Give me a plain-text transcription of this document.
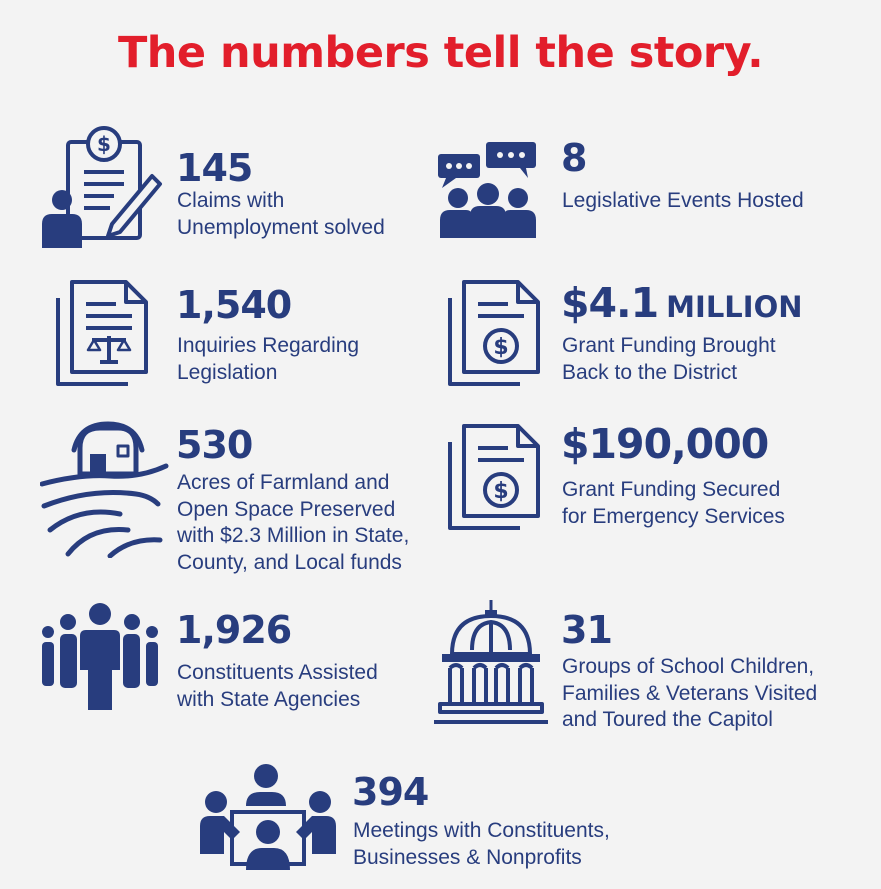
The numbers tell the story.
$
145
Claims with
Unemployment solved
8
Legislative Events Hosted
1,540
Inquiries Regarding
Legislation
$
$4.1 MILLION
Grant Funding Brought
Back to the District
530
Acres of Farmland and
Open Space Preserved
with $2.3 Million in State,
County, and Local funds
$
$190,000
Grant Funding Secured
for Emergency Services
1,926
Constituents Assisted
with State Agencies
31
Groups of School Children,
Families & Veterans Visited
and Toured the Capitol
394
Meetings with Constituents,
Businesses & Nonprofits
